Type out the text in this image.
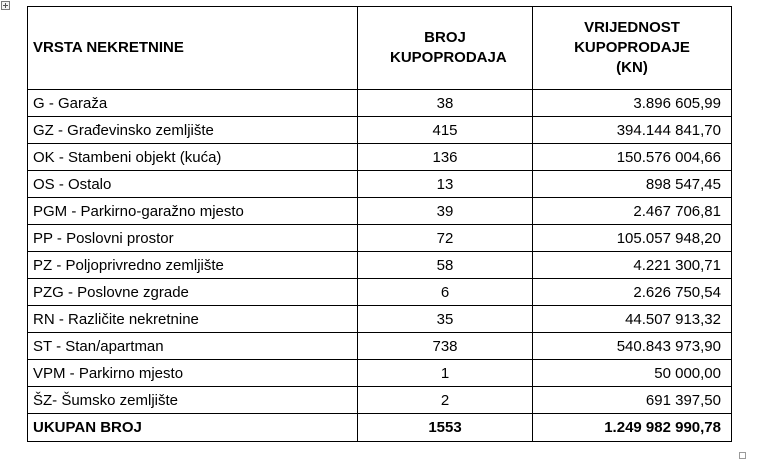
VRSTA NEKRETNINE	BROJ KUPOPRODAJA	VRIJEDNOST KUPOPRODAJE (KN)

G - Garaža	38	3.896 605,99
GZ - Građevinsko zemljište	415	394.144 841,70
OK - Stambeni objekt (kuća)	136	150.576 004,66
OS - Ostalo	13	898 547,45
PGM - Parkirno-garažno mjesto	39	2.467 706,81
PP - Poslovni prostor	72	105.057 948,20
PZ - Poljoprivredno zemljište	58	4.221 300,71
PZG - Poslovne zgrade	6	2.626 750,54
RN - Različite nekretnine	35	44.507 913,32
ST - Stan/apartman	738	540.843 973,90
VPM - Parkirno mjesto	1	50 000,00
ŠZ- Šumsko zemljište	2	691 397,50
UKUPAN BROJ	1553	1.249 982 990,78
